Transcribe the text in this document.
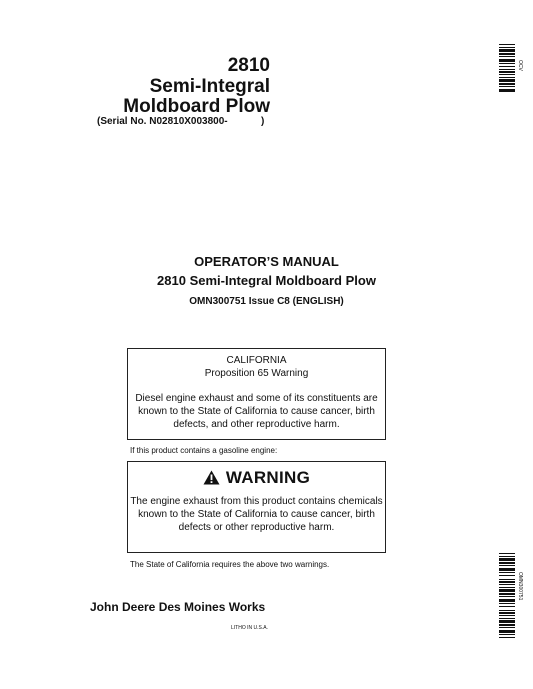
2810
Semi-Integral
Moldboard Plow
(Serial No. N02810X003800-            )
OPERATOR’S MANUAL
2810 Semi-Integral Moldboard Plow
OMN300751 Issue C8 (ENGLISH)
CALIFORNIA
Proposition 65 Warning
Diesel engine exhaust and some of its constituents are
known to the State of California to cause cancer, birth
defects, and other reproductive harm.
If this product contains a gasoline engine:
WARNING
The engine exhaust from this product contains chemicals
known to the State of California to cause cancer, birth
defects or other reproductive harm.
The State of California requires the above two warnings.
John Deere Des Moines Works
LITHO IN U.S.A.
OCV
OMN300751
